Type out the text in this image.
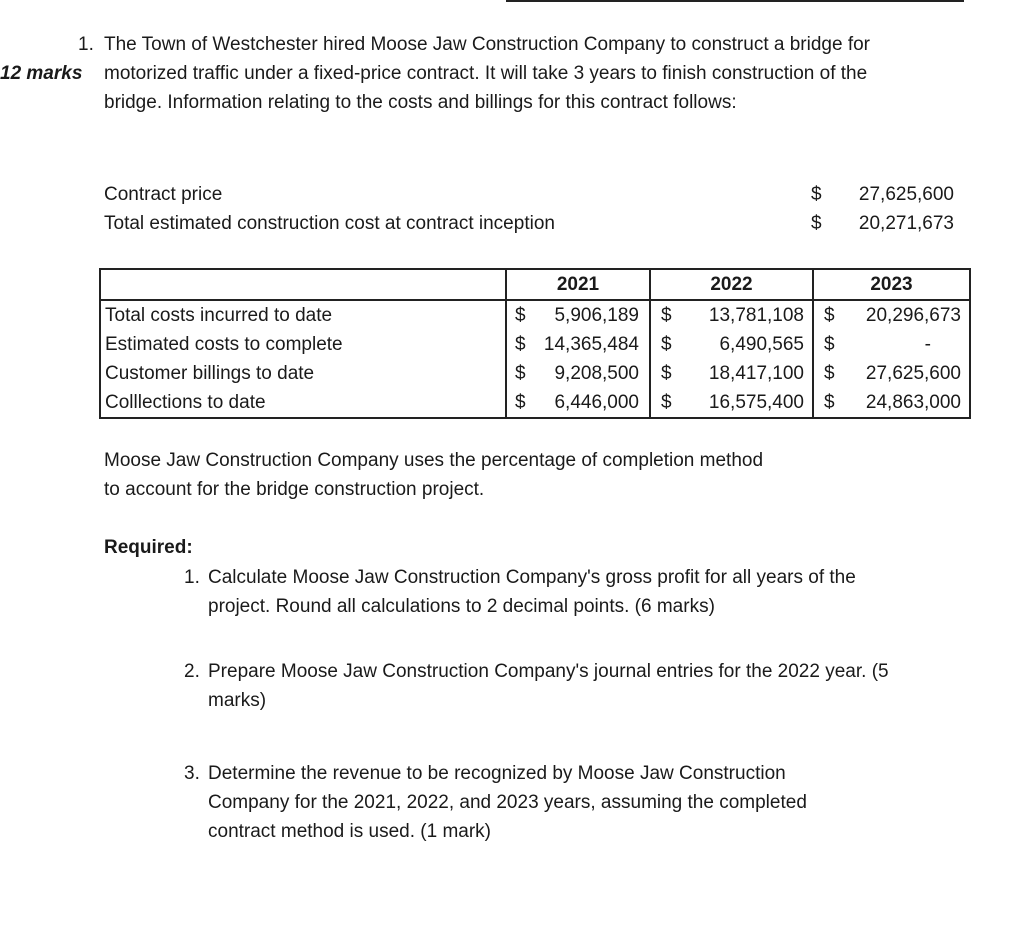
1. The Town of Westchester hired Moose Jaw Construction Company to construct a bridge for
12 marks motorized traffic under a fixed-price contract. It will take 3 years to finish construction of the
bridge. Information relating to the costs and billings for this contract follows:
Contract price	$ 27,625,600
Total estimated construction cost at contract inception	$ 20,271,673
	2021	2022	2023
Total costs incurred to date	$ 5,906,189	$ 13,781,108	$ 20,296,673

Estimated costs to complete	$ 14,365,484	$ 6,490,565	$ -

Customer billings to date	$ 9,208,500	$ 18,417,100	$ 27,625,600

Colllections to date	$ 6,446,000	$ 16,575,400	$ 24,863,000
Moose Jaw Construction Company uses the percentage of completion method
to account for the bridge construction project.
Required:
1. Calculate Moose Jaw Construction Company's gross profit for all years of the
project. Round all calculations to 2 decimal points. (6 marks)
2. Prepare Moose Jaw Construction Company's journal entries for the 2022 year. (5
marks)
3. Determine the revenue to be recognized by Moose Jaw Construction
Company for the 2021, 2022, and 2023 years, assuming the completed
contract method is used. (1 mark)
